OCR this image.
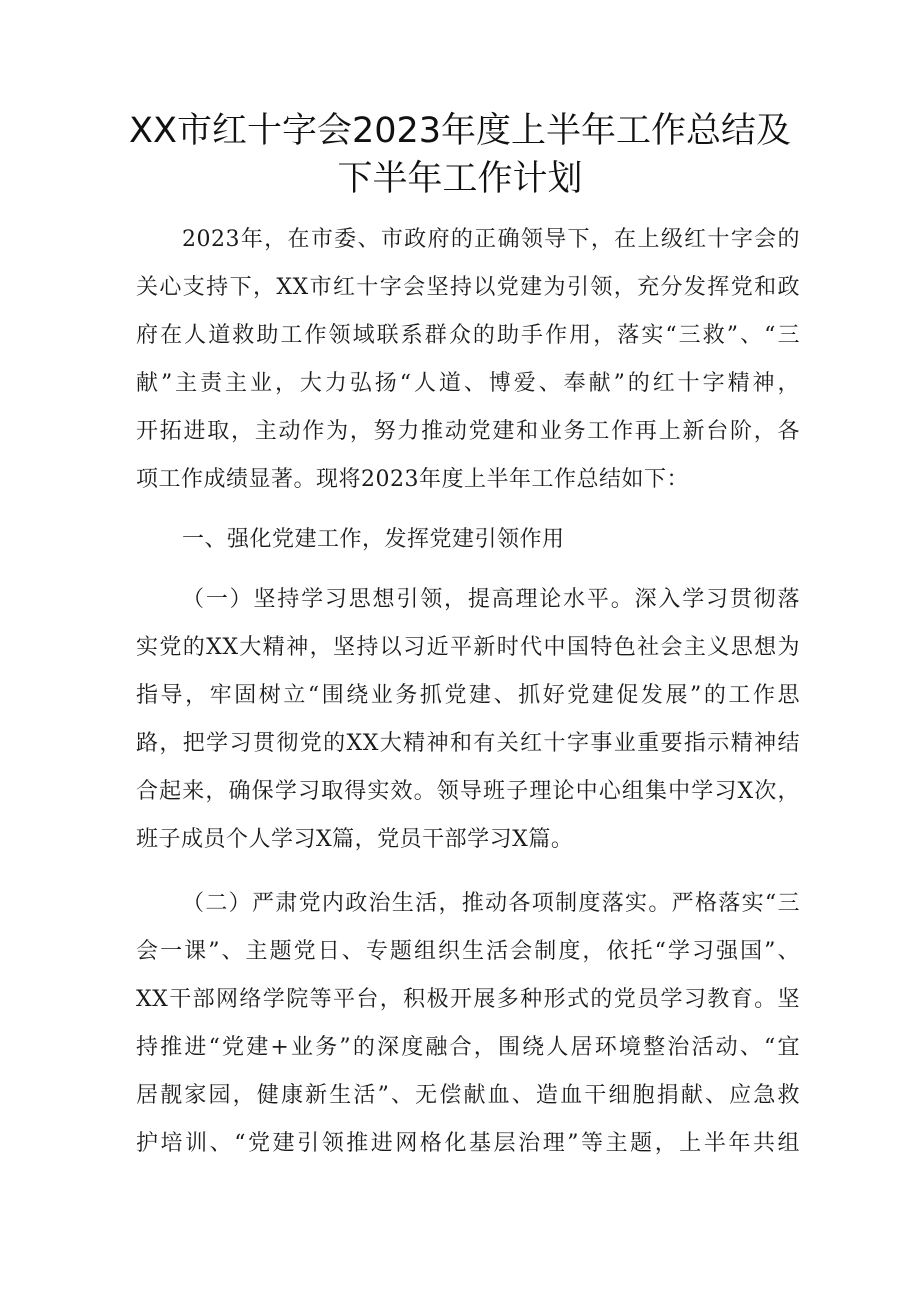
XX市红十字会2023年度上半年工作总结及
下半年工作计划
2023年，在市委、市政府的正确领导下，在上级红十字会的
关心支持下，XX市红十字会坚持以党建为引领，充分发挥党和政
府在人道救助工作领域联系群众的助手作用，落实“三救”、“三
献”主责主业，大力弘扬“人道、博爱、奉献”的红十字精神，
开拓进取，主动作为，努力推动党建和业务工作再上新台阶，各
项工作成绩显著。现将2023年度上半年工作总结如下：
一、强化党建工作，发挥党建引领作用
（一）坚持学习思想引领，提高理论水平。深入学习贯彻落
实党的XX大精神，坚持以习近平新时代中国特色社会主义思想为
指导，牢固树立“围绕业务抓党建、抓好党建促发展”的工作思
路，把学习贯彻党的XX大精神和有关红十字事业重要指示精神结
合起来，确保学习取得实效。领导班子理论中心组集中学习X次，
班子成员个人学习X篇，党员干部学习X篇。
（二）严肃党内政治生活，推动各项制度落实。严格落实“三
会一课”、主题党日、专题组织生活会制度，依托“学习强国”、
XX干部网络学院等平台，积极开展多种形式的党员学习教育。坚
持推进“党建+业务”的深度融合，围绕人居环境整治活动、“宜
居靓家园，健康新生活”、无偿献血、造血干细胞捐献、应急救
护培训、“党建引领推进网格化基层治理”等主题，上半年共组
